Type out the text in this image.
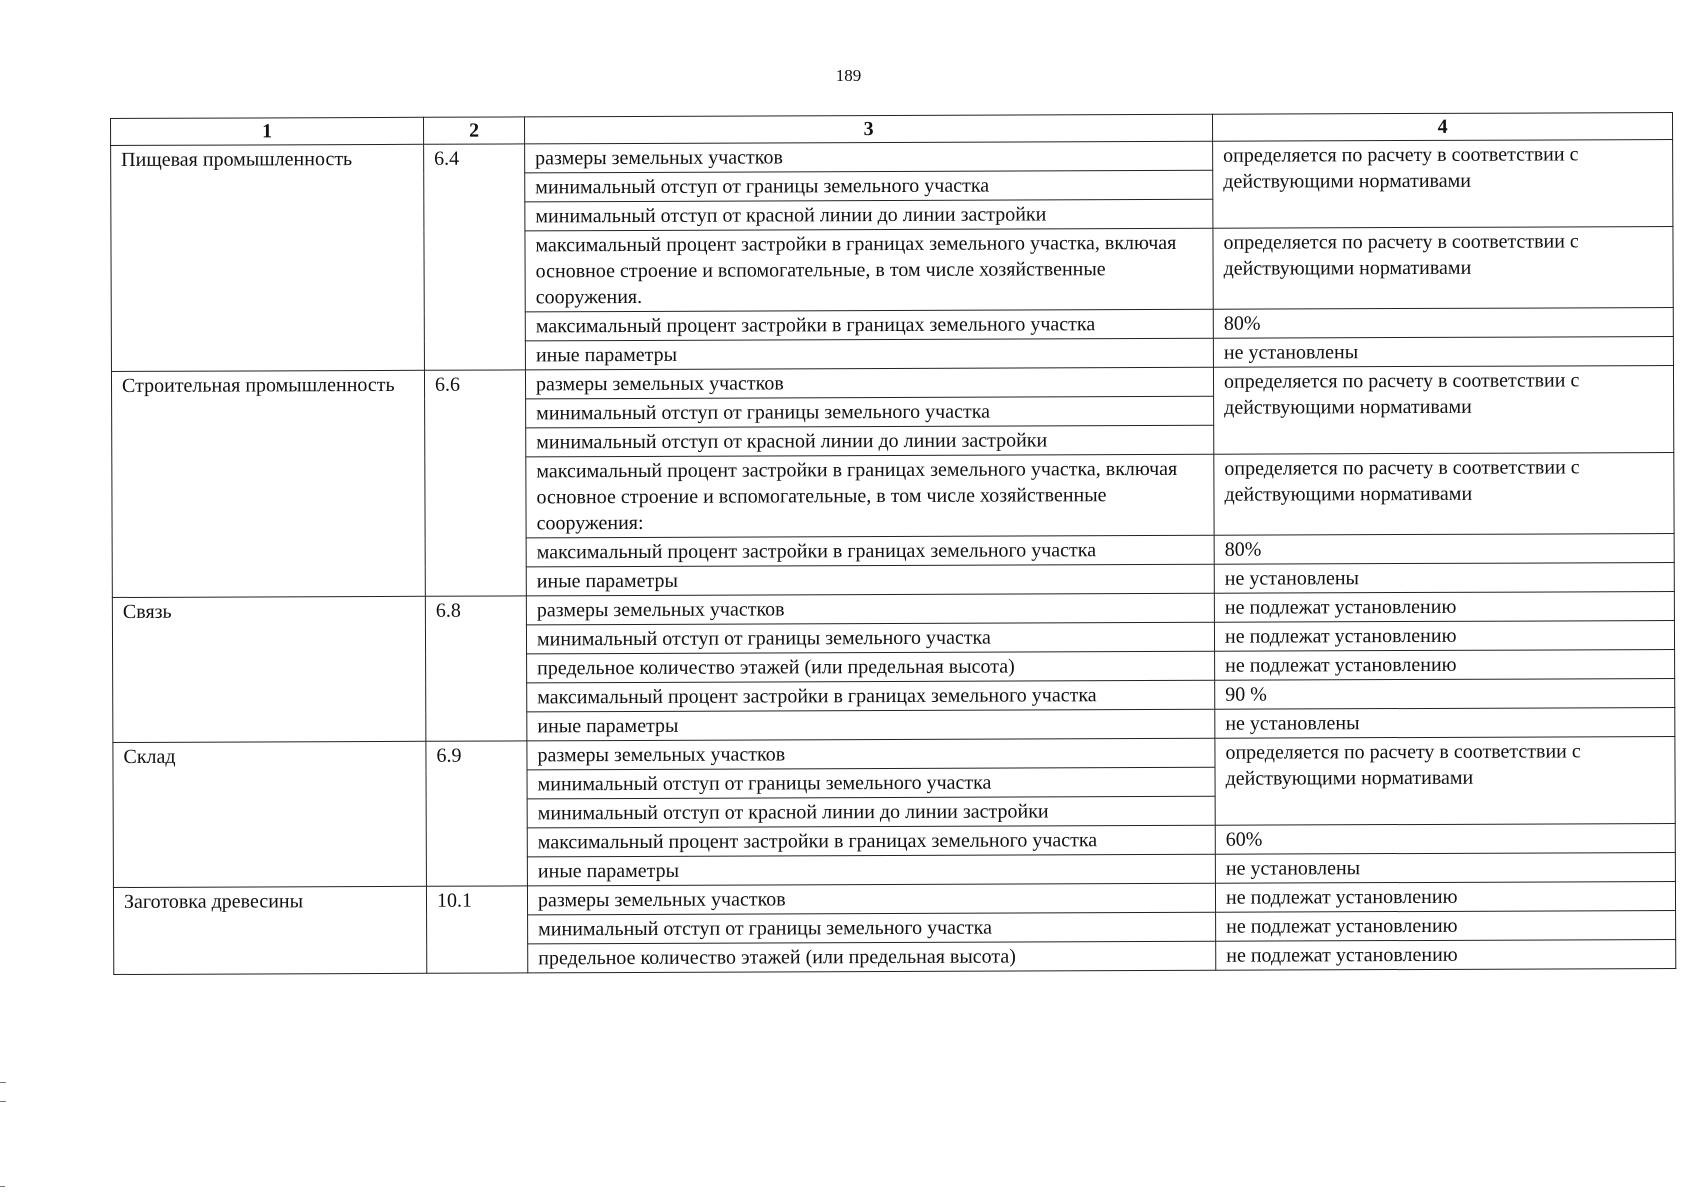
189
1	2	3	4
Пищевая промышленность	6.4	размеры земельных участков	определяется по расчету в соответствии с действующими нормативами
		минимальный отступ от границы земельного участка	
		минимальный отступ от красной линии до линии застройки	
		максимальный процент застройки в границах земельного участка, включая основное строение и вспомогательные, в том числе хозяйственные сооружения.	определяется по расчету в соответствии с действующими нормативами
		максимальный процент застройки в границах земельного участка	80%
		иные параметры	не установлены
Строительная промышленность	6.6	размеры земельных участков	определяется по расчету в соответствии с действующими нормативами
		минимальный отступ от границы земельного участка	
		минимальный отступ от красной линии до линии застройки	
		максимальный процент застройки в границах земельного участка, включая основное строение и вспомогательные, в том числе хозяйственные сооружения:	определяется по расчету в соответствии с действующими нормативами
		максимальный процент застройки в границах земельного участка	80%
		иные параметры	не установлены
Связь	6.8	размеры земельных участков	не подлежат установлению
		минимальный отступ от границы земельного участка	не подлежат установлению
		предельное количество этажей (или предельная высота)	не подлежат установлению
		максимальный процент застройки в границах земельного участка	90 %
		иные параметры	не установлены
Склад	6.9	размеры земельных участков	определяется по расчету в соответствии с действующими нормативами
		минимальный отступ от границы земельного участка	
		минимальный отступ от красной линии до линии застройки	
		максимальный процент застройки в границах земельного участка	60%
		иные параметры	не установлены
Заготовка древесины	10.1	размеры земельных участков	не подлежат установлению
		минимальный отступ от границы земельного участка	не подлежат установлению
		предельное количество этажей (или предельная высота)	не подлежат установлению
